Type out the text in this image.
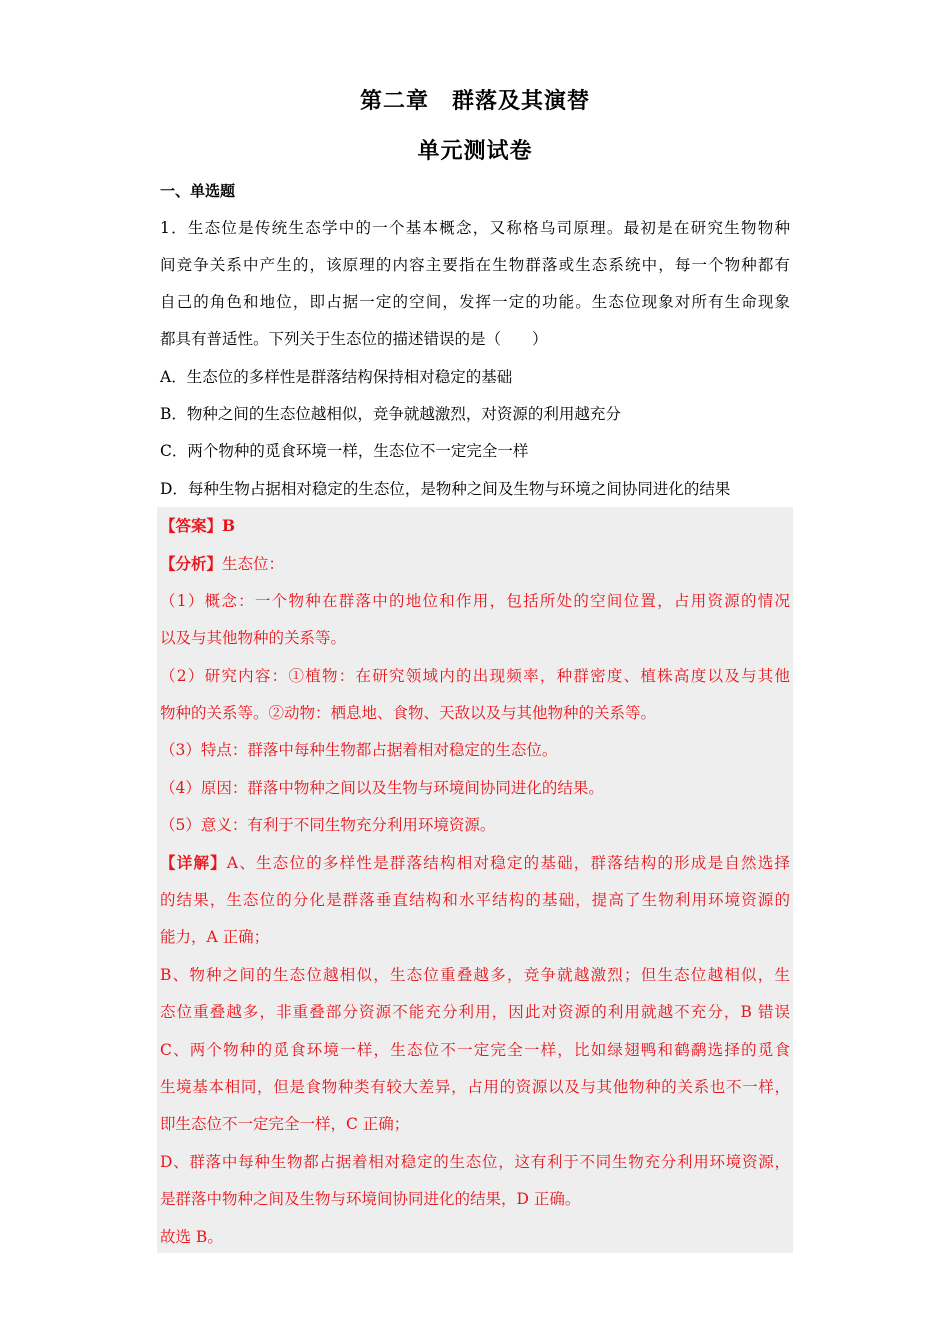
第二章　群落及其演替
单元测试卷
一、单选题
1．生态位是传统生态学中的一个基本概念，又称格乌司原理。最初是在研究生物物种
间竞争关系中产生的，该原理的内容主要指在生物群落或生态系统中，每一个物种都有
自己的角色和地位，即占据一定的空间，发挥一定的功能。生态位现象对所有生命现象
都具有普适性。下列关于生态位的描述错误的是（　　）
A．生态位的多样性是群落结构保持相对稳定的基础
B．物种之间的生态位越相似，竞争就越激烈，对资源的利用越充分
C．两个物种的觅食环境一样，生态位不一定完全一样
D．每种生物占据相对稳定的生态位，是物种之间及生物与环境之间协同进化的结果
【答案】B
【分析】生态位：
（1）概念：一个物种在群落中的地位和作用，包括所处的空间位置，占用资源的情况
以及与其他物种的关系等。
（2）研究内容：①植物：在研究领域内的出现频率，种群密度、植株高度以及与其他
物种的关系等。②动物：栖息地、食物、天敌以及与其他物种的关系等。
（3）特点：群落中每种生物都占据着相对稳定的生态位。
（4）原因：群落中物种之间以及生物与环境间协同进化的结果。
（5）意义：有利于不同生物充分利用环境资源。
【详解】A、生态位的多样性是群落结构相对稳定的基础，群落结构的形成是自然选择
的结果，生态位的分化是群落垂直结构和水平结构的基础，提高了生物利用环境资源的
能力，A 正确；
B、物种之间的生态位越相似，生态位重叠越多，竞争就越激烈；但生态位越相似，生
态位重叠越多，非重叠部分资源不能充分利用，因此对资源的利用就越不充分，B 错误
C、两个物种的觅食环境一样，生态位不一定完全一样，比如绿翅鸭和鹤鹬选择的觅食
生境基本相同，但是食物种类有较大差异，占用的资源以及与其他物种的关系也不一样，
即生态位不一定完全一样，C 正确；
D、群落中每种生物都占据着相对稳定的生态位，这有利于不同生物充分利用环境资源，
是群落中物种之间及生物与环境间协同进化的结果，D 正确。
故选 B。
